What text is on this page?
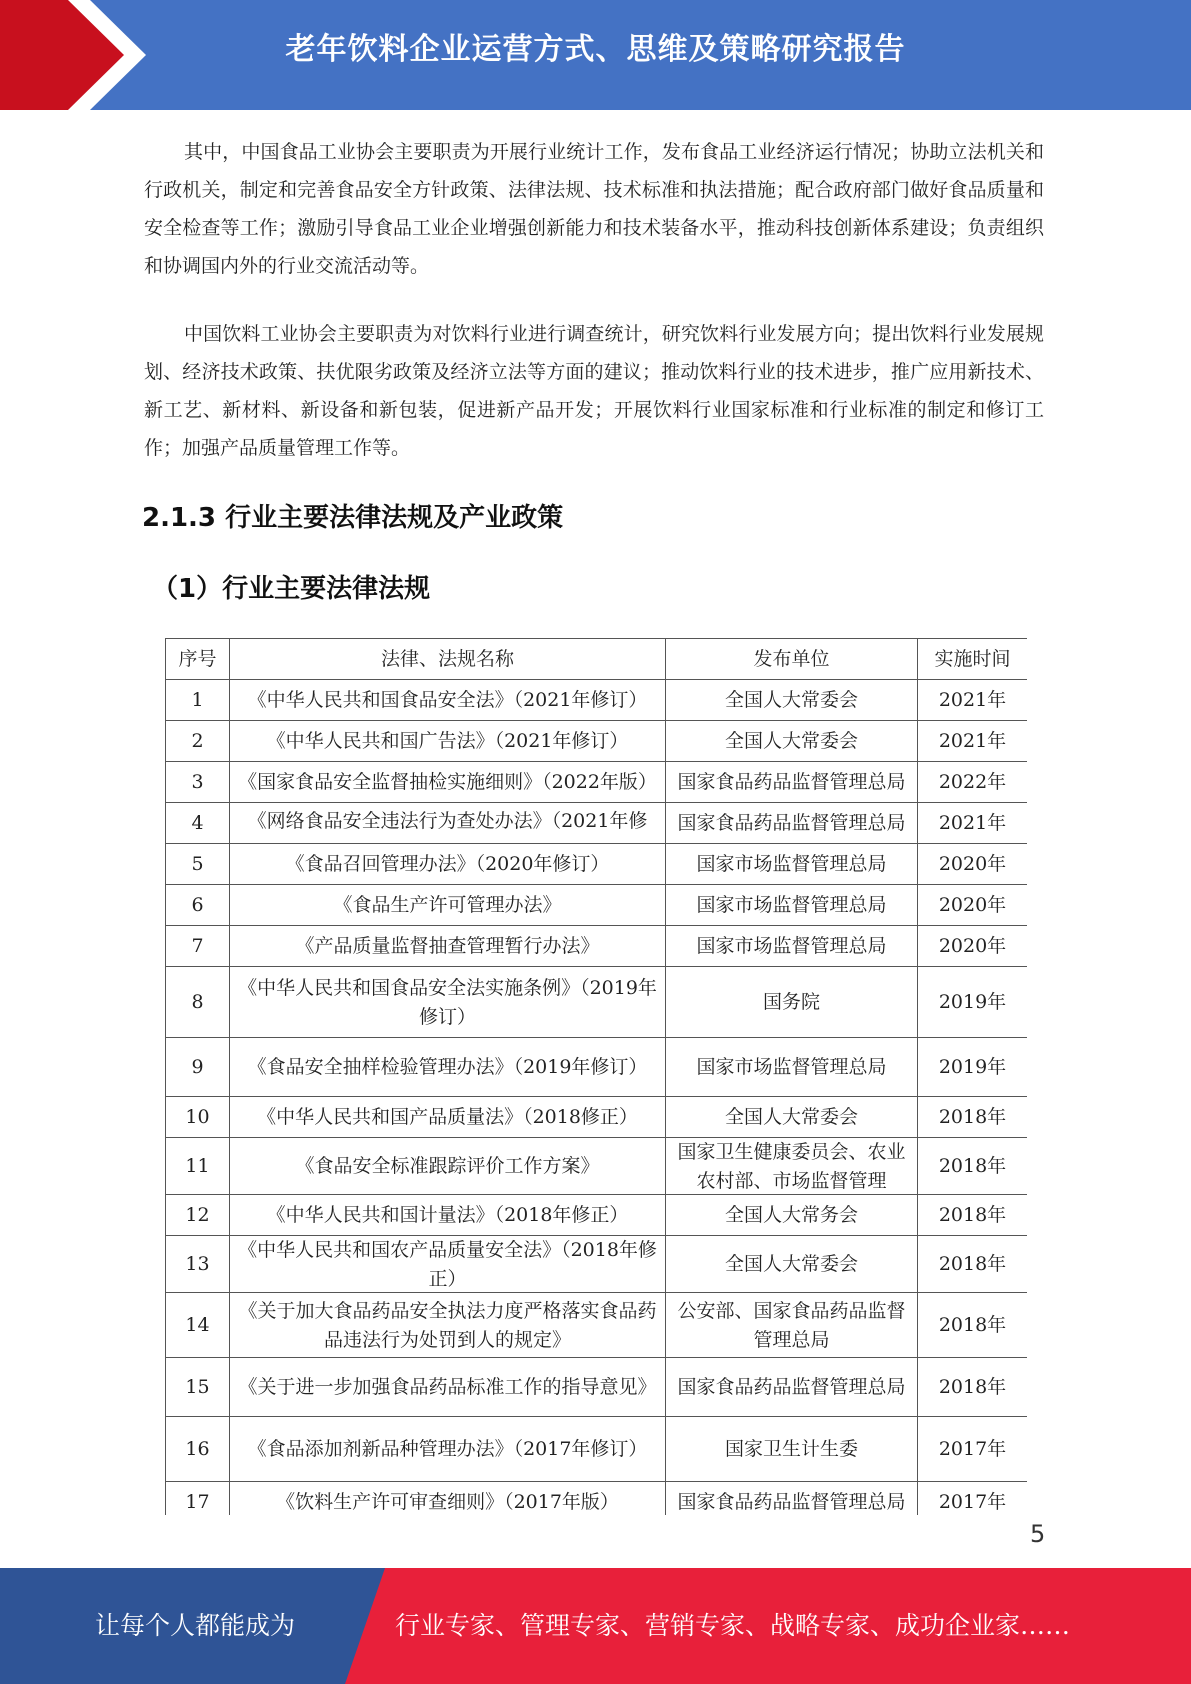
老年饮料企业运营方式、思维及策略研究报告
其中，中国食品工业协会主要职责为开展行业统计工作，发布食品工业经济运行情况；协助立法机关和行政机关，制定和完善食品安全方针政策、法律法规、技术标准和执法措施；配合政府部门做好食品质量和安全检查等工作；激励引导食品工业企业增强创新能力和技术装备水平，推动科技创新体系建设；负责组织和协调国内外的行业交流活动等。
中国饮料工业协会主要职责为对饮料行业进行调查统计，研究饮料行业发展方向；提出饮料行业发展规划、经济技术政策、扶优限劣政策及经济立法等方面的建议；推动饮料行业的技术进步，推广应用新技术、新工艺、新材料、新设备和新包装，促进新产品开发；开展饮料行业国家标准和行业标准的制定和修订工作；加强产品质量管理工作等。
2.1.3 行业主要法律法规及产业政策
（1）行业主要法律法规
序号	法律、法规名称	发布单位	实施时间

1	《中华人民共和国食品安全法》（2021年修订）	全国人大常委会	2021年

2	《中华人民共和国广告法》（2021年修订）	全国人大常委会	2021年

3	《国家食品安全监督抽检实施细则》（2022年版）	国家食品药品监督管理总局	2022年

4	《网络食品安全违法行为查处办法》（2021年修	国家食品药品监督管理总局	2021年

5	《食品召回管理办法》（2020年修订）	国家市场监督管理总局	2020年

6	《食品生产许可管理办法》	国家市场监督管理总局	2020年

7	《产品质量监督抽查管理暂行办法》	国家市场监督管理总局	2020年

8	《中华人民共和国食品安全法实施条例》（2019年修订）	国务院	2019年

9	《食品安全抽样检验管理办法》（2019年修订）	国家市场监督管理总局	2019年

10	《中华人民共和国产品质量法》（2018修正）	全国人大常委会	2018年

11	《食品安全标准跟踪评价工作方案》	国家卫生健康委员会、农业农村部、市场监督管理	2018年

12	《中华人民共和国计量法》（2018年修正）	全国人大常务会	2018年

13	《中华人民共和国农产品质量安全法》（2018年修正）	全国人大常委会	2018年

14	《关于加大食品药品安全执法力度严格落实食品药品违法行为处罚到人的规定》	公安部、国家食品药品监督管理总局	2018年

15	《关于进一步加强食品药品标准工作的指导意见》	国家食品药品监督管理总局	2018年

16	《食品添加剂新品种管理办法》（2017年修订）	国家卫生计生委	2017年

17	《饮料生产许可审查细则》（2017年版）	国家食品药品监督管理总局	2017年
5
让每个人都能成为	行业专家、管理专家、营销专家、战略专家、成功企业家……
